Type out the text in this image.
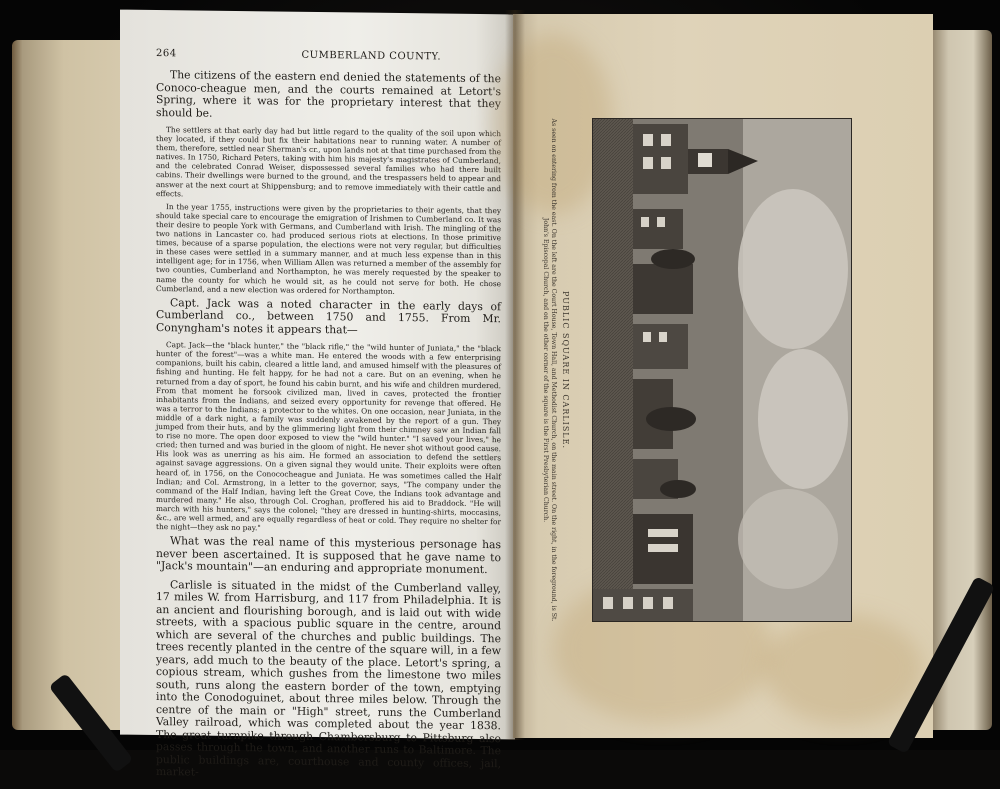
264	CUMBERLAND COUNTY.

The citizens of the eastern end denied the statements of the Conoco-cheague men, and the courts remained at Letort's Spring, where it was for the proprietary interest that they should be.

The settlers at that early day had but little regard to the quality of the soil upon which they located, if they could but fix their habitations near to running water. A number of them, therefore, settled near Sherman's cr., upon lands not at that time purchased from the natives. In 1750, Richard Peters, taking with him his majesty's magistrates of Cumberland, and the celebrated Conrad Weiser, dispossessed several families who had there built cabins. Their dwellings were burned to the ground, and the trespassers held to appear and answer at the next court at Shippensburg; and to remove immediately with their cattle and effects.

In the year 1755, instructions were given by the proprietaries to their agents, that they should take special care to encourage the emigration of Irishmen to Cumberland co. It was their desire to people York with Germans, and Cumberland with Irish. The mingling of the two nations in Lancaster co. had produced serious riots at elections. In those primitive times, because of a sparse population, the elections were not very regular, but difficulties in these cases were settled in a summary manner, and at much less expense than in this intelligent age; for in 1756, when William Allen was returned a member of the assembly for two counties, Cumberland and Northampton, he was merely requested by the speaker to name the county for which he would sit, as he could not serve for both. He chose Cumberland, and a new election was ordered for Northampton.

Capt. Jack was a noted character in the early days of Cumberland co., between 1750 and 1755. From Mr. Conyngham's notes it appears that—

Capt. Jack—the "black hunter," the "black rifle," the "wild hunter of Juniata," the "black hunter of the forest"—was a white man. He entered the woods with a few enterprising companions, built his cabin, cleared a little land, and amused himself with the pleasures of fishing and hunting. He felt happy, for he had not a care. But on an evening, when he returned from a day of sport, he found his cabin burnt, and his wife and children murdered. From that moment he forsook civilized man, lived in caves, protected the frontier inhabitants from the Indians, and seized every opportunity for revenge that offered. He was a terror to the Indians; a protector to the whites. On one occasion, near Juniata, in the middle of a dark night, a family was suddenly awakened by the report of a gun. They jumped from their huts, and by the glimmering light from their chimney saw an Indian fall to rise no more. The open door exposed to view the "wild hunter." "I saved your lives," he cried; then turned and was buried in the gloom of night. He never shot without good cause. His look was as unerring as his aim. He formed an association to defend the settlers against savage aggressions. On a given signal they would unite. Their exploits were often heard of, in 1756, on the Conococheague and Juniata. He was sometimes called the Half Indian; and Col. Armstrong, in a letter to the governor, says, "The company under the command of the Half Indian, having left the Great Cove, the Indians took advantage and murdered many." He also, through Col. Croghan, proffered his aid to Braddock. "He will march with his hunters," says the colonel; "they are dressed in hunting-shirts, moccasins, &c., are well armed, and are equally regardless of heat or cold. They require no shelter for the night—they ask no pay."

What was the real name of this mysterious personage has never been ascertained. It is supposed that he gave name to "Jack's mountain"—an enduring and appropriate monument.

Carlisle is situated in the midst of the Cumberland valley, 17 miles W. from Harrisburg, and 117 from Philadelphia. It is an ancient and flourishing borough, and is laid out with wide streets, with a spacious public square in the centre, around which are several of the churches and public buildings. The trees recently planted in the centre of the square will, in a few years, add much to the beauty of the place. Letort's spring, a copious stream, which gushes from the limestone two miles south, runs along the eastern border of the town, emptying into the Conodoguinet, about three miles below. Through the centre of the main or "High" street, runs the Cumberland Valley railroad, which was completed about the year 1838. The great turnpike through Chambersburg to Pittsburg also passes through the town, and another runs to Baltimore. The public buildings are, courthouse and county offices, jail, market-

PUBLIC SQUARE IN CARLISLE.
As seen on entering from the east. On the left are the Court House, Town Hall, and Methodist Church, on the main street. On the right, in the foreground, is St. John's Episcopal Church, and on the other corner of the square is the First Presbyterian Church.
